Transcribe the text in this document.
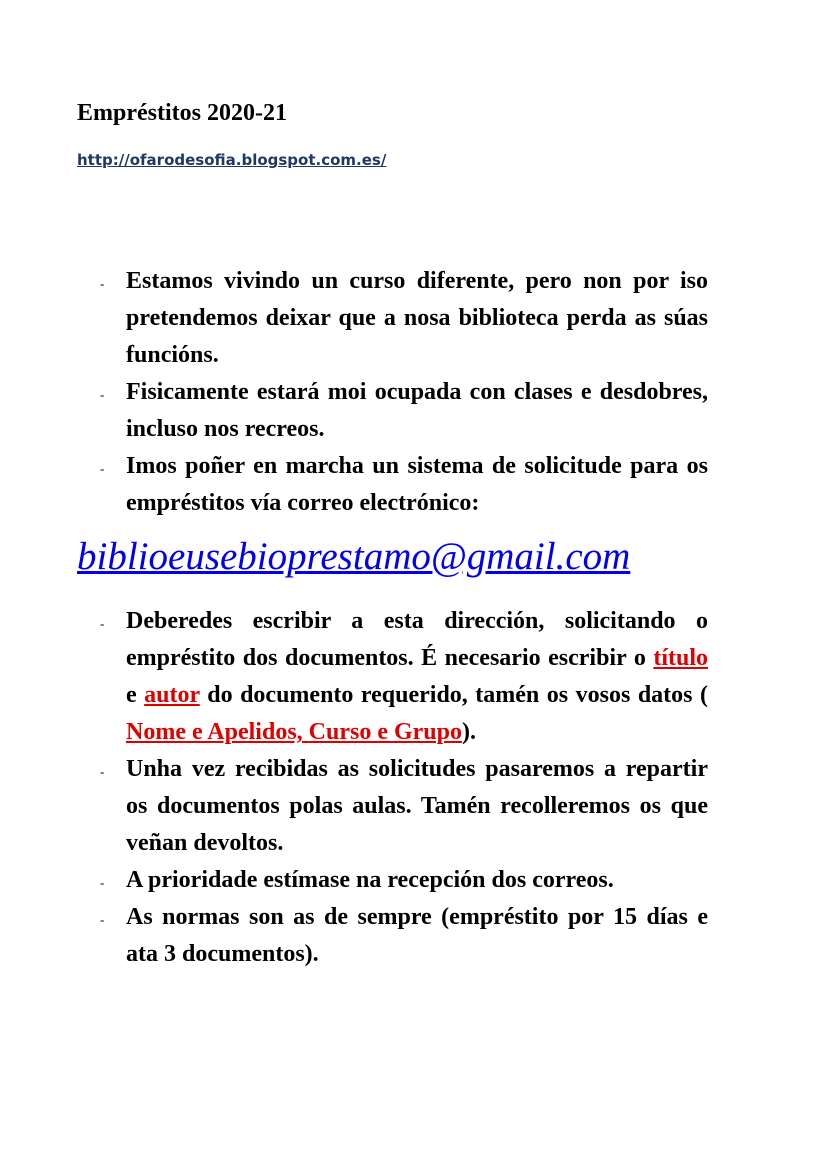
Empréstitos 2020-21
http://ofarodesofia.blogspot.com.es/
- Estamos vivindo un curso diferente, pero non por iso pretendemos deixar que a nosa biblioteca perda as súas funcións.
- Fisicamente estará moi ocupada con clases e desdobres, incluso nos recreos.
- Imos poñer en marcha un sistema de solicitude para os empréstitos vía correo electrónico:
biblioeusebioprestamo@gmail.com
- Deberedes escribir a esta dirección, solicitando o empréstito dos documentos. É necesario escribir o título e autor do documento requerido, tamén os vosos datos ( Nome e Apelidos, Curso e Grupo).
- Unha vez recibidas as solicitudes pasaremos a repartir os documentos polas aulas. Tamén recolleremos os que veñan devoltos.
- A prioridade estímase na recepción dos correos.
- As normas son as de sempre (empréstito por 15 días e ata 3 documentos).
